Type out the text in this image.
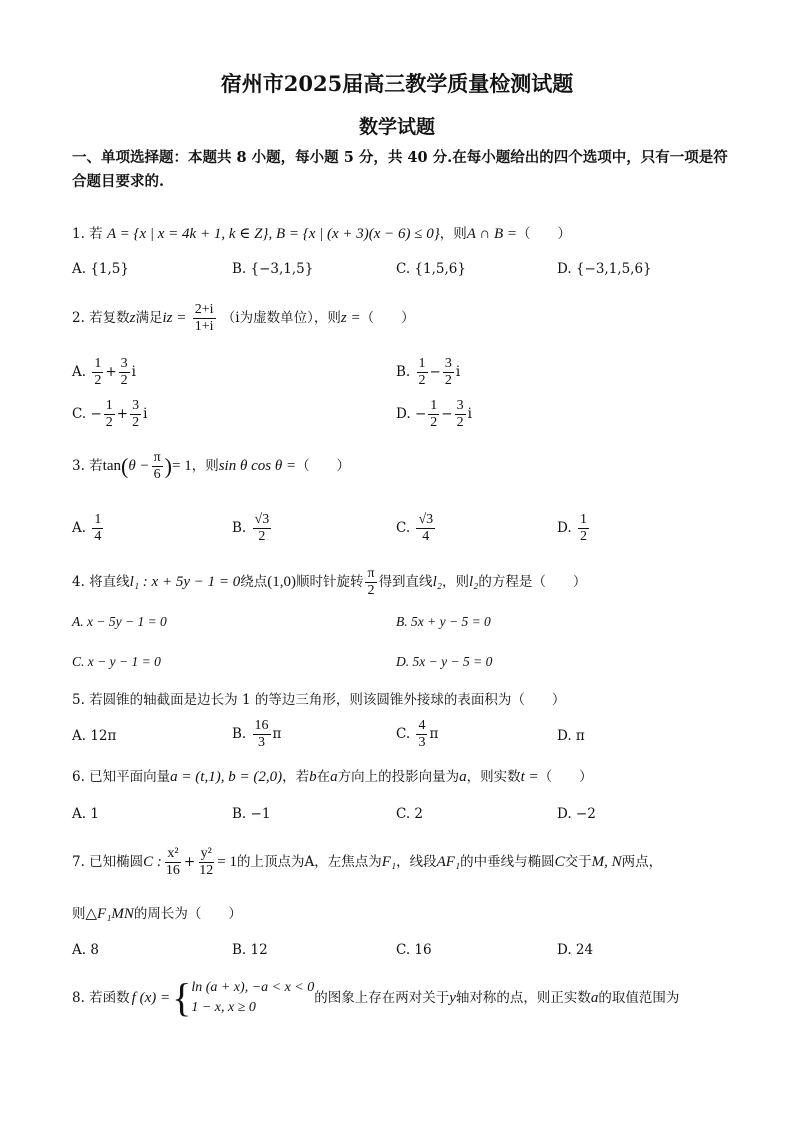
宿州市2025届高三教学质量检测试题
数学试题
一、单项选择题：本题共 8 小题，每小题 5 分，共 40 分.在每小题给出的四个选项中，只有一项是符合题目要求的.
1. 若 A = {x | x = 4k + 1, k ∈ Z}, B = {x | (x + 3)(x − 6) ≤ 0}，则A ∩ B =（　　）
A. {1,5}	B. {−3,1,5}	C. {1,5,6}	D. {−3,1,5,6}
2. 若复数z满足iz = $\frac{2+i}{1+i} (i$为虚数单位），则z =（　　）
A. $\frac{1}{2} + \frac{3}{2}$ i	B. $\frac{1}{2} - \frac{3}{2}$ i
C. − $\frac{1}{2} + \frac{3}{2}$ i	D. − $\frac{1}{2} - \frac{3}{2}$ i
3. 若$\tan(\theta - \frac{\pi}{6}$ )= 1，则sin θ cos θ =（　　）
A. $\frac{1}{4}$	B. $\frac{√3}{2}$	C. $\frac{√3}{4}$	D. $\frac{1}{2}$
4. 将直线l₁ : x + 5y − 1 = 0绕点(1,0)顺时针旋转 $\frac{\pi}{2}$ 得到直线l₂，则l₂的方程是（　　）
A. x − 5y − 1 = 0	B. 5x + y − 5 = 0
C. x − y − 1 = 0	D. 5x − y − 5 = 0
5. 若圆锥的轴截面是边长为 1 的等边三角形，则该圆锥外接球的表面积为（　　）
A. 12π	B. $\frac{16}{3}$ π	C. $\frac{4}{3}$ π	D. π
6. 已知平面向量a = (t,1), b = (2,0)，若b在a方向上的投影向量为a，则实数t =（　　）
A. 1	B. −1	C. 2	D. −2
7. 已知椭圆C : $\frac{\text{x²}}{16} + \frac{\text{y²}}{12} = 1$的上顶点为A，左焦点为F₁，线段AF₁的中垂线与椭圆C交于M, N两点，
则△F₁MN的周长为（　　）
A. 8	B. 12	C. 16	D. 24
8. 若函数 f (x) = { ln (a + x), −a < x < 0
1 − x, x ≥ 0
的图象上存在两对关于 y 轴对称的点，则正实数 a 的取值范围为
